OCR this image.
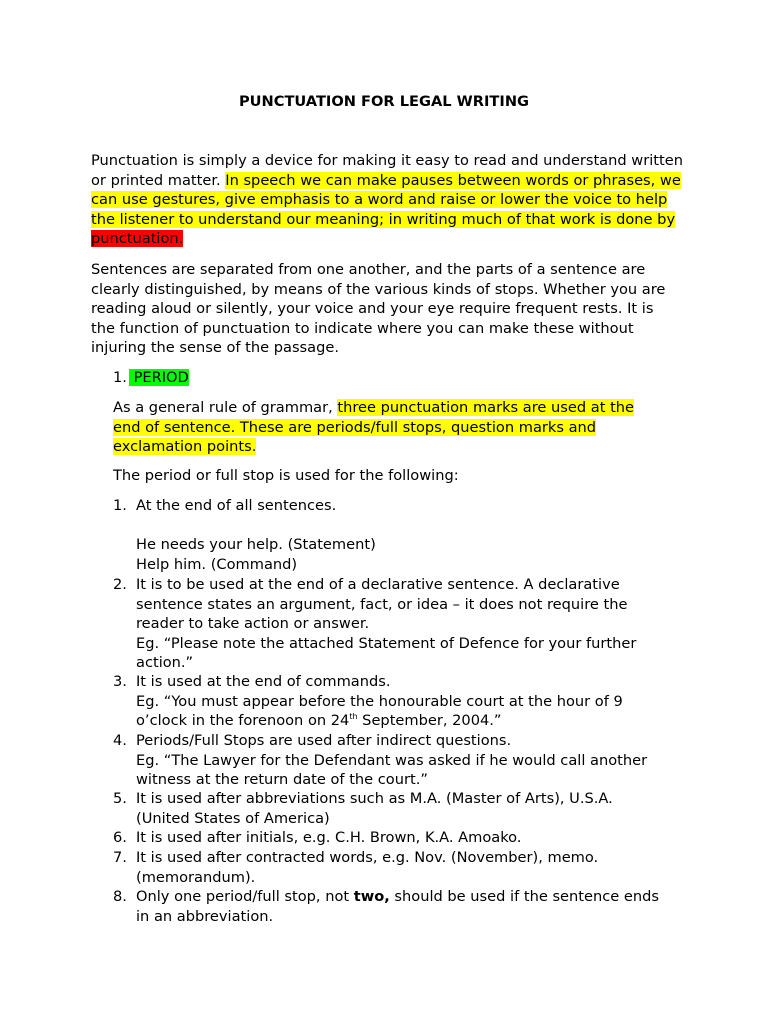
PUNCTUATION FOR LEGAL WRITING

Punctuation is simply a device for making it easy to read and understand written or printed matter. In speech we can make pauses between words or phrases, we can use gestures, give emphasis to a word and raise or lower the voice to help the listener to understand our meaning; in writing much of that work is done by punctuation.

Sentences are separated from one another, and the parts of a sentence are clearly distinguished, by means of the various kinds of stops. Whether you are reading aloud or silently, your voice and your eye require frequent rests. It is the function of punctuation to indicate where you can make these without injuring the sense of the passage.

1. PERIOD

As a general rule of grammar, three punctuation marks are used at the end of sentence. These are periods/full stops, question marks and exclamation points.

The period or full stop is used for the following:

1. At the end of all sentences.
He needs your help. (Statement)
Help him. (Command)
2. It is to be used at the end of a declarative sentence. A declarative
sentence states an argument, fact, or idea – it does not require the
reader to take action or answer.
Eg. “Please note the attached Statement of Defence for your further
action.”
3. It is used at the end of commands.
Eg. “You must appear before the honourable court at the hour of 9
o’clock in the forenoon on 24th September, 2004.”
4. Periods/Full Stops are used after indirect questions.
Eg. “The Lawyer for the Defendant was asked if he would call another
witness at the return date of the court.”
5. It is used after abbreviations such as M.A. (Master of Arts), U.S.A.
(United States of America)
6. It is used after initials, e.g. C.H. Brown, K.A. Amoako.
7. It is used after contracted words, e.g. Nov. (November), memo.
(memorandum).
8. Only one period/full stop, not two, should be used if the sentence ends
in an abbreviation.
